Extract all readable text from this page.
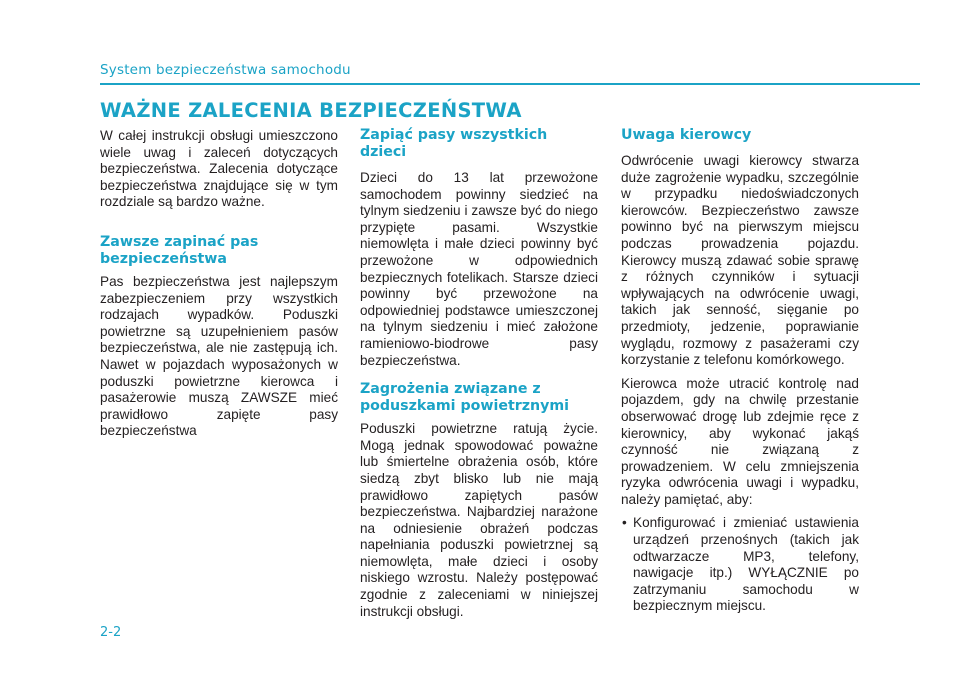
System bezpieczeństwa samochodu
WAŻNE ZALECENIA BEZPIECZEŃSTWA

W całej instrukcji obsługi umieszczono wiele uwag i zaleceń dotyczących bezpieczeństwa. Zalecenia dotyczące bezpieczeństwa znajdujące się w tym rozdziale są bardzo ważne.

Zawsze zapinać pas bezpieczeństwa

Pas bezpieczeństwa jest najlepszym zabezpieczeniem przy wszystkich rodzajach wypadków. Poduszki powietrzne są uzupełnieniem pasów bezpieczeństwa, ale nie zastępują ich. Nawet w pojazdach wyposażonych w poduszki powietrzne kierowca i pasażerowie muszą ZAWSZE mieć prawidłowo zapięte pasy bezpieczeństwa

Zapiąć pasy wszystkich dzieci

Dzieci do 13 lat przewożone samochodem powinny siedzieć na tylnym siedzeniu i zawsze być do niego przypięte pasami. Wszystkie niemowlęta i małe dzieci powinny być przewożone w odpowiednich bezpiecznych fotelikach. Starsze dzieci powinny być przewożone na odpowiedniej podstawce umieszczonej na tylnym siedzeniu i mieć założone ramieniowo-biodrowe pasy bezpieczeństwa.

Zagrożenia związane z poduszkami powietrznymi

Poduszki powietrzne ratują życie. Mogą jednak spowodować poważne lub śmiertelne obrażenia osób, które siedzą zbyt blisko lub nie mają prawidłowo zapiętych pasów bezpieczeństwa. Najbardziej narażone na odniesienie obrażeń podczas napełniania poduszki powietrznej są niemowlęta, małe dzieci i osoby niskiego wzrostu. Należy postępować zgodnie z zaleceniami w niniejszej instrukcji obsługi.

Uwaga kierowcy

Odwrócenie uwagi kierowcy stwarza duże zagrożenie wypadku, szczególnie w przypadku niedoświadczonych kierowców. Bezpieczeństwo zawsze powinno być na pierwszym miejscu podczas prowadzenia pojazdu. Kierowcy muszą zdawać sobie sprawę z różnych czynników i sytuacji wpływających na odwrócenie uwagi, takich jak senność, sięganie po przedmioty, jedzenie, poprawianie wyglądu, rozmowy z pasażerami czy korzystanie z telefonu komórkowego.

Kierowca może utracić kontrolę nad pojazdem, gdy na chwilę przestanie obserwować drogę lub zdejmie ręce z kierownicy, aby wykonać jakąś czynność nie związaną z prowadzeniem. W celu zmniejszenia ryzyka odwrócenia uwagi i wypadku, należy pamiętać, aby:

• Konfigurować i zmieniać ustawienia urządzeń przenośnych (takich jak odtwarzacze MP3, telefony, nawigacje itp.) WYŁĄCZNIE po zatrzymaniu samochodu w bezpiecznym miejscu.
2-2
